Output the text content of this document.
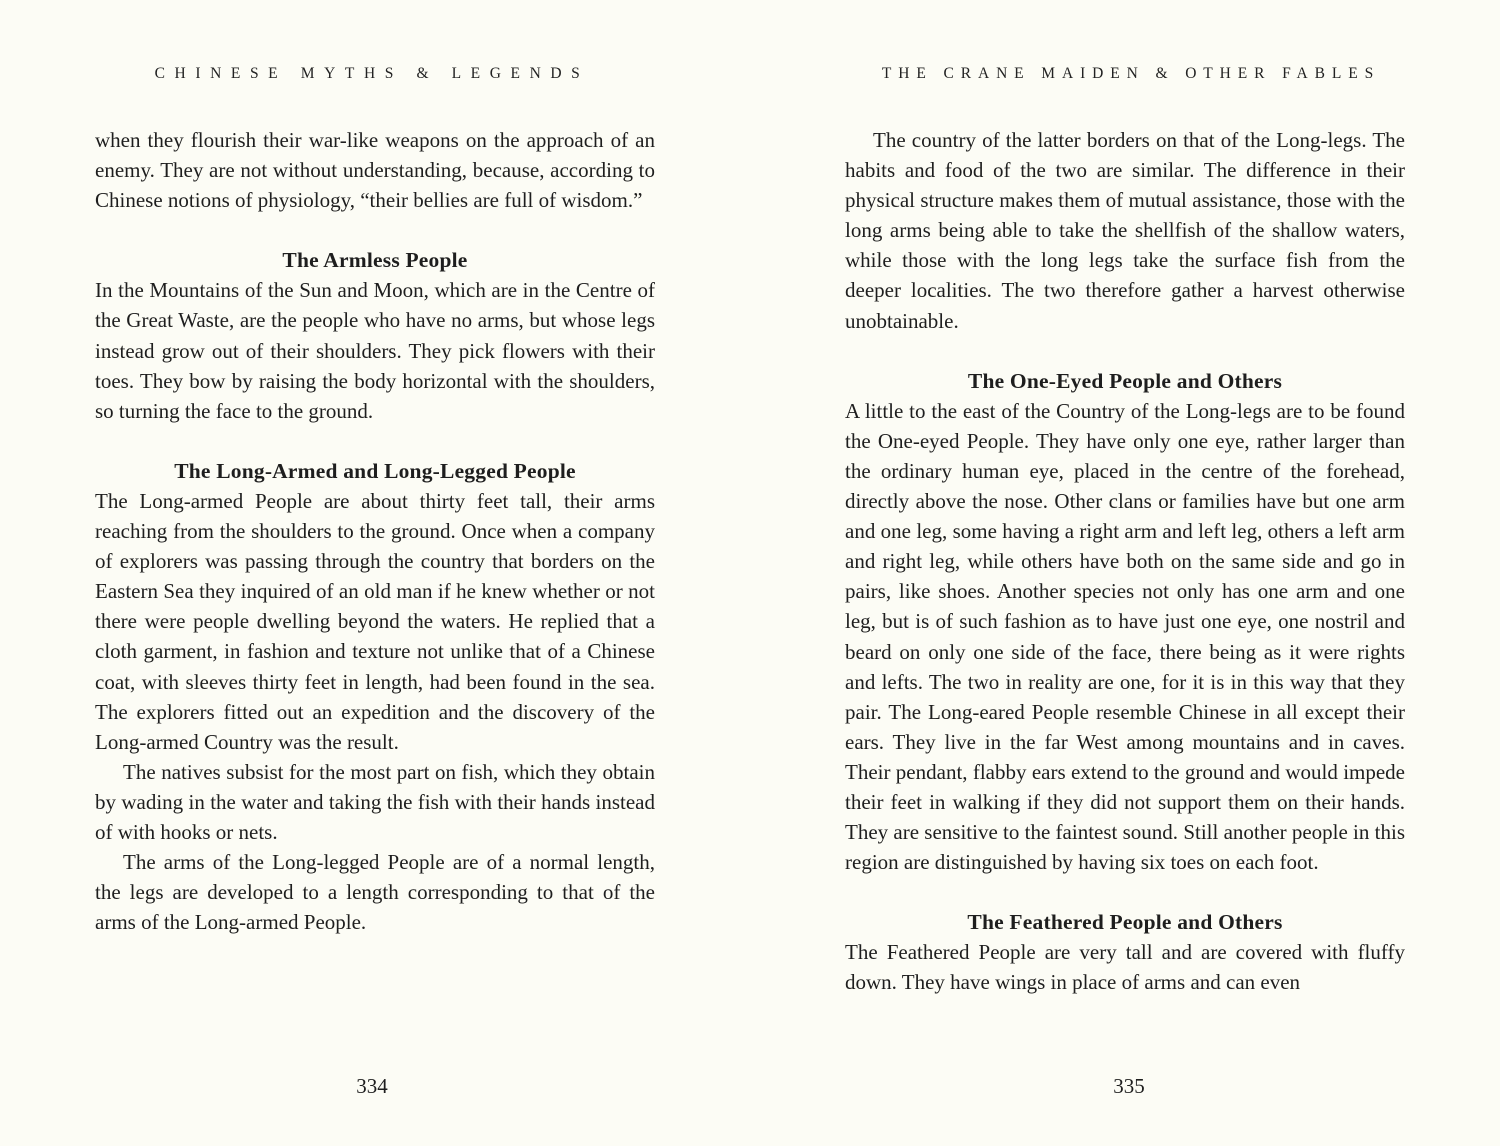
CHINESE MYTHS & LEGENDS

when they flourish their war-like weapons on the approach of an enemy. They are not without understanding, because, according to Chinese notions of physiology, “their bellies are full of wisdom.”

The Armless People

In the Mountains of the Sun and Moon, which are in the Centre of the Great Waste, are the people who have no arms, but whose legs instead grow out of their shoulders. They pick flowers with their toes. They bow by raising the body horizontal with the shoulders, so turning the face to the ground.

The Long-Armed and Long-Legged People

The Long-armed People are about thirty feet tall, their arms reaching from the shoulders to the ground. Once when a company of explorers was passing through the country that borders on the Eastern Sea they inquired of an old man if he knew whether or not there were people dwelling beyond the waters. He replied that a cloth garment, in fashion and texture not unlike that of a Chinese coat, with sleeves thirty feet in length, had been found in the sea. The explorers fitted out an expedition and the discovery of the Long-armed Country was the result.

The natives subsist for the most part on fish, which they obtain by wading in the water and taking the fish with their hands instead of with hooks or nets.

The arms of the Long-legged People are of a normal length, the legs are developed to a length corresponding to that of the arms of the Long-armed People.

334
THE CRANE MAIDEN & OTHER FABLES

The country of the latter borders on that of the Long-legs. The habits and food of the two are similar. The difference in their physical structure makes them of mutual assistance, those with the long arms being able to take the shellfish of the shallow waters, while those with the long legs take the surface fish from the deeper localities. The two therefore gather a harvest otherwise unobtainable.

The One-Eyed People and Others

A little to the east of the Country of the Long-legs are to be found the One-eyed People. They have only one eye, rather larger than the ordinary human eye, placed in the centre of the forehead, directly above the nose. Other clans or families have but one arm and one leg, some having a right arm and left leg, others a left arm and right leg, while others have both on the same side and go in pairs, like shoes. Another species not only has one arm and one leg, but is of such fashion as to have just one eye, one nostril and beard on only one side of the face, there being as it were rights and lefts. The two in reality are one, for it is in this way that they pair. The Long-eared People resemble Chinese in all except their ears. They live in the far West among mountains and in caves. Their pendant, flabby ears extend to the ground and would impede their feet in walking if they did not support them on their hands. They are sensitive to the faintest sound. Still another people in this region are distinguished by having six toes on each foot.

The Feathered People and Others

The Feathered People are very tall and are covered with fluffy down. They have wings in place of arms and can even

335
